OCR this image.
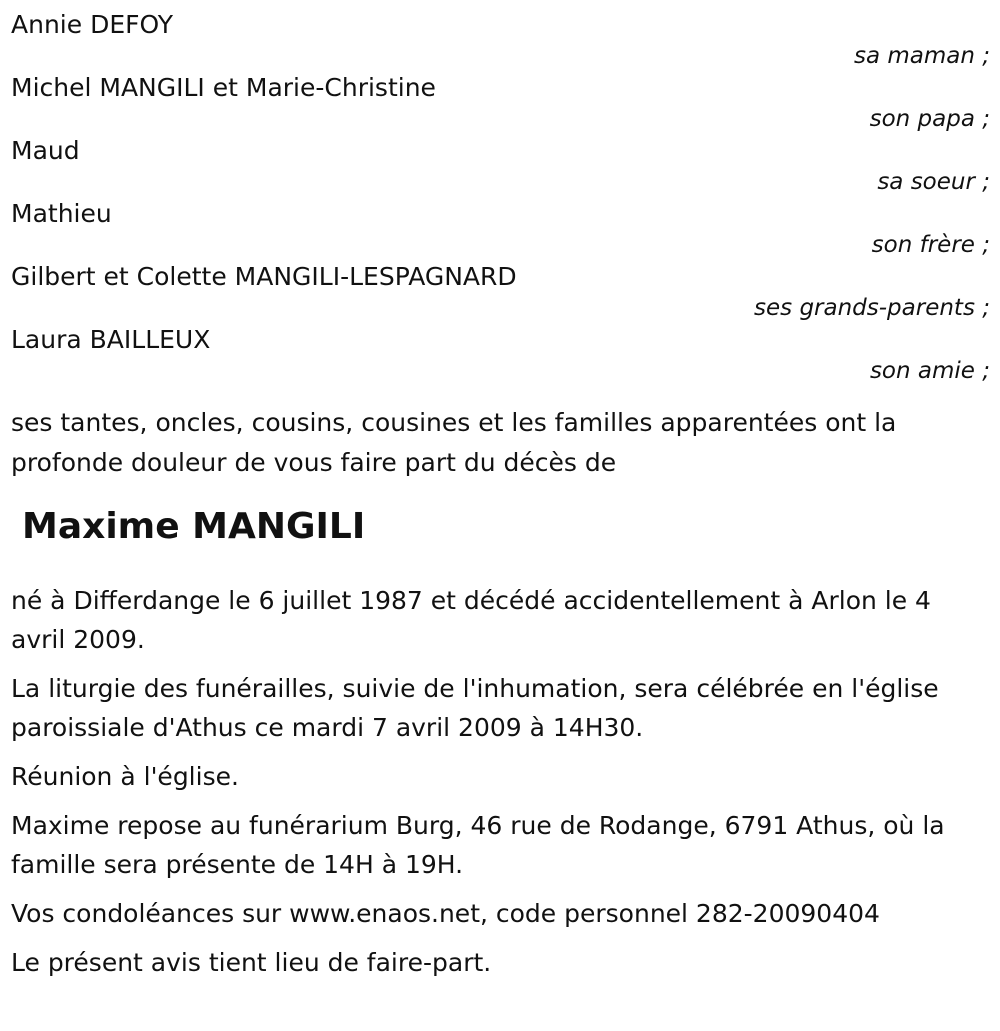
Annie DEFOY
sa maman ;
Michel MANGILI et Marie-Christine
son papa ;
Maud
sa soeur ;
Mathieu
son frère ;
Gilbert et Colette MANGILI-LESPAGNARD
ses grands-parents ;
Laura BAILLEUX
son amie ;
ses tantes, oncles, cousins, cousines et les familles apparentées ont la profonde douleur de vous faire part du décès de
Maxime MANGILI

né à Differdange le 6 juillet 1987 et décédé accidentellement à Arlon le 4 avril 2009.

La liturgie des funérailles, suivie de l'inhumation, sera célébrée en l'église paroissiale d'Athus ce mardi 7 avril 2009 à 14H30.

Réunion à l'église.

Maxime repose au funérarium Burg, 46 rue de Rodange, 6791 Athus, où la famille sera présente de 14H à 19H.

Vos condoléances sur www.enaos.net, code personnel 282-20090404

Le présent avis tient lieu de faire-part.
